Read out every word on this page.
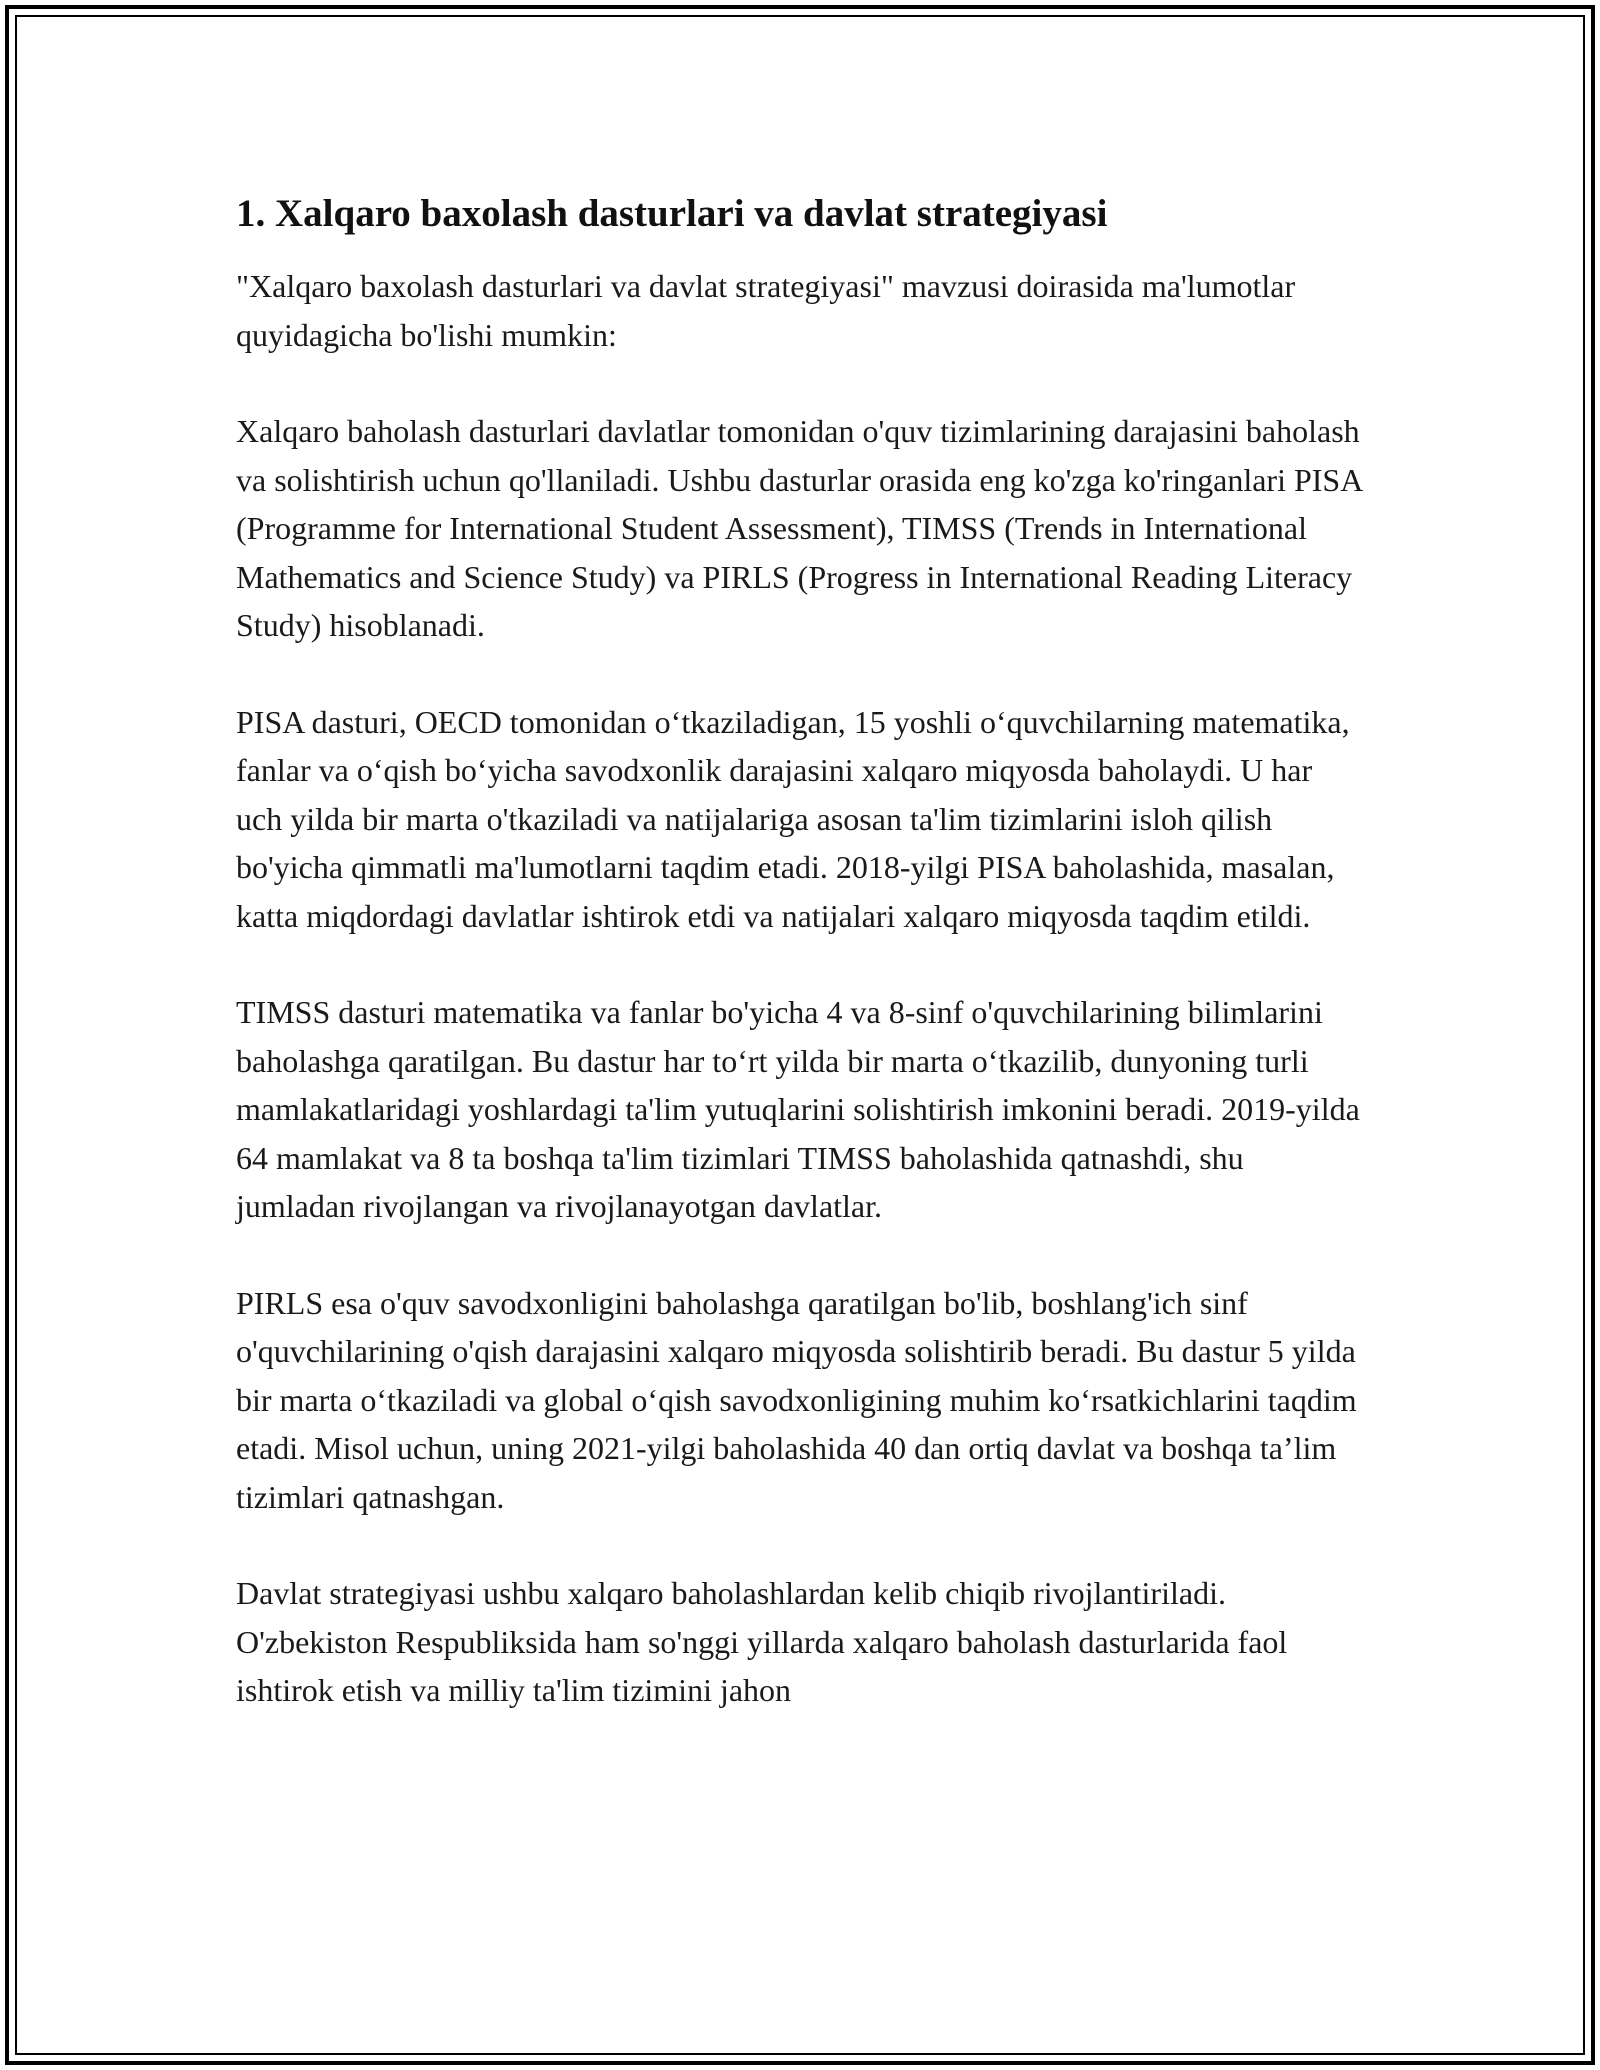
1. Xalqaro baxolash dasturlari va davlat strategiyasi

"Xalqaro baxolash dasturlari va davlat strategiyasi" mavzusi doirasida ma'lumotlar quyidagicha bo'lishi mumkin:

Xalqaro baholash dasturlari davlatlar tomonidan o'quv tizimlarining darajasini baholash va solishtirish uchun qo'llaniladi. Ushbu dasturlar orasida eng ko'zga ko'ringanlari PISA (Programme for International Student Assessment), TIMSS (Trends in International Mathematics and Science Study) va PIRLS (Progress in International Reading Literacy Study) hisoblanadi.

PISA dasturi, OECD tomonidan o‘tkaziladigan, 15 yoshli o‘quvchilarning matematika, fanlar va o‘qish bo‘yicha savodxonlik darajasini xalqaro miqyosda baholaydi. U har uch yilda bir marta o'tkaziladi va natijalariga asosan ta'lim tizimlarini isloh qilish bo'yicha qimmatli ma'lumotlarni taqdim etadi. 2018-yilgi PISA baholashida, masalan, katta miqdordagi davlatlar ishtirok etdi va natijalari xalqaro miqyosda taqdim etildi.

TIMSS dasturi matematika va fanlar bo'yicha 4 va 8-sinf o'quvchilarining bilimlarini baholashga qaratilgan. Bu dastur har to‘rt yilda bir marta o‘tkazilib, dunyoning turli mamlakatlaridagi yoshlardagi ta'lim yutuqlarini solishtirish imkonini beradi. 2019-yilda 64 mamlakat va 8 ta boshqa ta'lim tizimlari TIMSS baholashida qatnashdi, shu jumladan rivojlangan va rivojlanayotgan davlatlar.

PIRLS esa o'quv savodxonligini baholashga qaratilgan bo'lib, boshlang'ich sinf o'quvchilarining o'qish darajasini xalqaro miqyosda solishtirib beradi. Bu dastur 5 yilda bir marta o‘tkaziladi va global o‘qish savodxonligining muhim ko‘rsatkichlarini taqdim etadi. Misol uchun, uning 2021-yilgi baholashida 40 dan ortiq davlat va boshqa ta’lim tizimlari qatnashgan.

Davlat strategiyasi ushbu xalqaro baholashlardan kelib chiqib rivojlantiriladi. O'zbekiston Respubliksida ham so'nggi yillarda xalqaro baholash dasturlarida faol ishtirok etish va milliy ta'lim tizimini jahon
